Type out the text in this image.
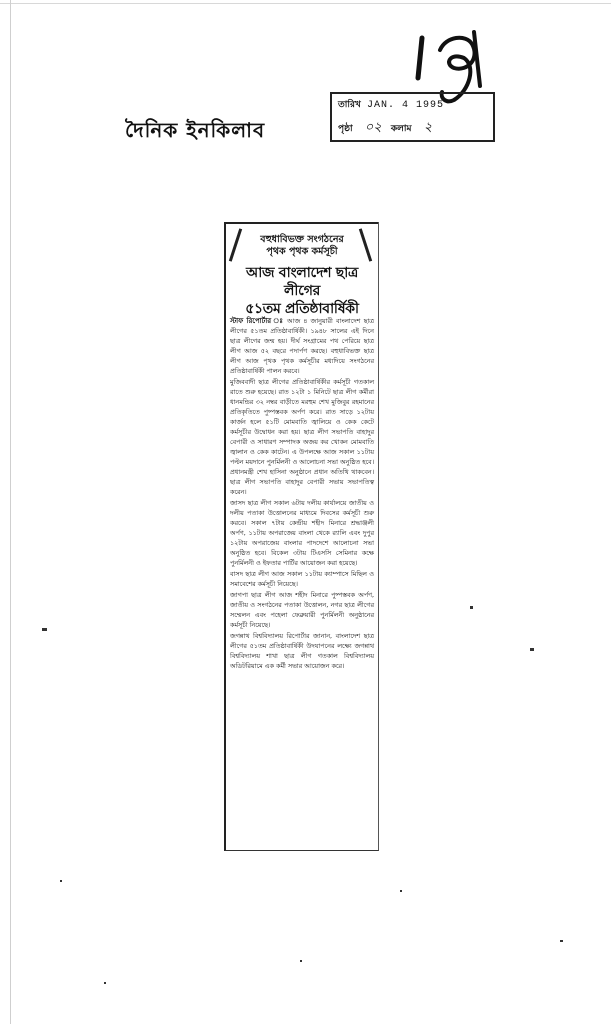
দৈনিক ইনকিলাব
তারিখ JAN. 4 1995
পৃষ্ঠা ০২ কলাম ২
বহুধাবিভক্ত সংগঠনের
পৃথক পৃথক কর্মসূচী
আজ বাংলাদেশ ছাত্র লীগের
৫১তম প্রতিষ্ঠাবার্ষিকী

স্টাফ রিপোর্টার ঃ আজ ৪ জানুয়ারী বাংলাদেশ ছাত্র লীগের ৫১তম প্রতিষ্ঠাবার্ষিকী। ১৯৪৮ সালের এই দিনে ছাত্র লীগের জন্ম হয়। দীর্ঘ সংগ্রামের পথ পেরিয়ে ছাত্র লীগ আজ ৫২ বছরে পদার্পণ করছে। বহুধাবিভক্ত ছাত্র লীগ আজ পৃথক পৃথক কর্মসূচীর মধ্যদিয়ে সংগঠনের প্রতিষ্ঠাবার্ষিকী পালন করবে।

মুজিববাদী ছাত্র লীগের প্রতিষ্ঠাবার্ষিকীর কর্মসূচী গতকাল রাতে শুরু হয়েছে। রাত ১২টা ১ মিনিটে ছাত্র লীগ কর্মীরা ধানমন্ডির ৩২ নম্বর বাড়ীতে মরহুম শেখ মুজিবুর রহমানের প্রতিকৃতিতে পুষ্পস্তবক অর্পণ করে। রাত সাড়ে ১২টায় কার্জন হলে ৫১টি মোমবাতি জ্বালিয়ে ও কেক কেটে কর্মসূচীর উদ্বোধন করা হয়। ছাত্র লীগ সভাপতি বাহাদুর বেপারী ও সাধারণ সম্পাদক অজয় কর খোকন মোমবাতি জ্বালান ও কেক কাটেন। এ উপলক্ষে আজ সকাল ১১টায় পল্টন ময়দানে পুনর্মিলনী ও আলোচনা সভা অনুষ্ঠিত হবে। প্রধানমন্ত্রী শেখ হাসিনা অনুষ্ঠানে প্রধান অতিথি থাকবেন। ছাত্র লীগ সভাপতি বাহাদুর বেপারী সভায় সভাপতিত্ব করেন।

জাসদ ছাত্র লীগ সকাল ৬টায় দলীয় কার্যালয়ে জাতীয় ও দলীয় পতাকা উত্তোলনের মাধ্যমে দিবসের কর্মসূচী শুরু করবে। সকাল ৭টায় কেন্দ্রীয় শহীদ মিনারে শ্রদ্ধাঞ্জলী অর্পণ, ১১টায় অপরাজেয় বাংলা থেকে র‍্যালি এবং দুপুর ১২টায় অপরাজেয় বাংলার পাদদেশে আলোচনা সভা অনুষ্ঠিত হবে। বিকেল ৩টায় টিএসসি সেমিনার কক্ষে পুনর্মিলনী ও ইফতার পার্টির আয়োজন করা হয়েছে।

বাসদ ছাত্র লীগ আজ সকাল ১১টায় ক্যাম্পাসে মিছিল ও সমাবেশের কর্মসূচী নিয়েছে।

জাগপা ছাত্র লীগ আজ শহীদ মিনারে পুষ্পস্তবক অর্পণ, জাতীয় ও সংগঠনের পতাকা উত্তোলন, নগর ছাত্র লীগের সম্মেলন এবং পহেলা ফেব্রুয়ারী পুনর্মিলনী অনুষ্ঠানের কর্মসূচী নিয়েছে।

জগন্নাথ বিশ্ববিদ্যালয় রিপোর্টার জানান, বাংলাদেশ ছাত্র লীগের ৫১তম প্রতিষ্ঠাবার্ষিকী উদযাপনের লক্ষ্যে জগন্নাথ বিশ্ববিদ্যালয় শাখা ছাত্র লীগ গতকাল বিশ্ববিদ্যালয় অডিটরিয়ামে এক কর্মী সভার আয়োজন করে।
